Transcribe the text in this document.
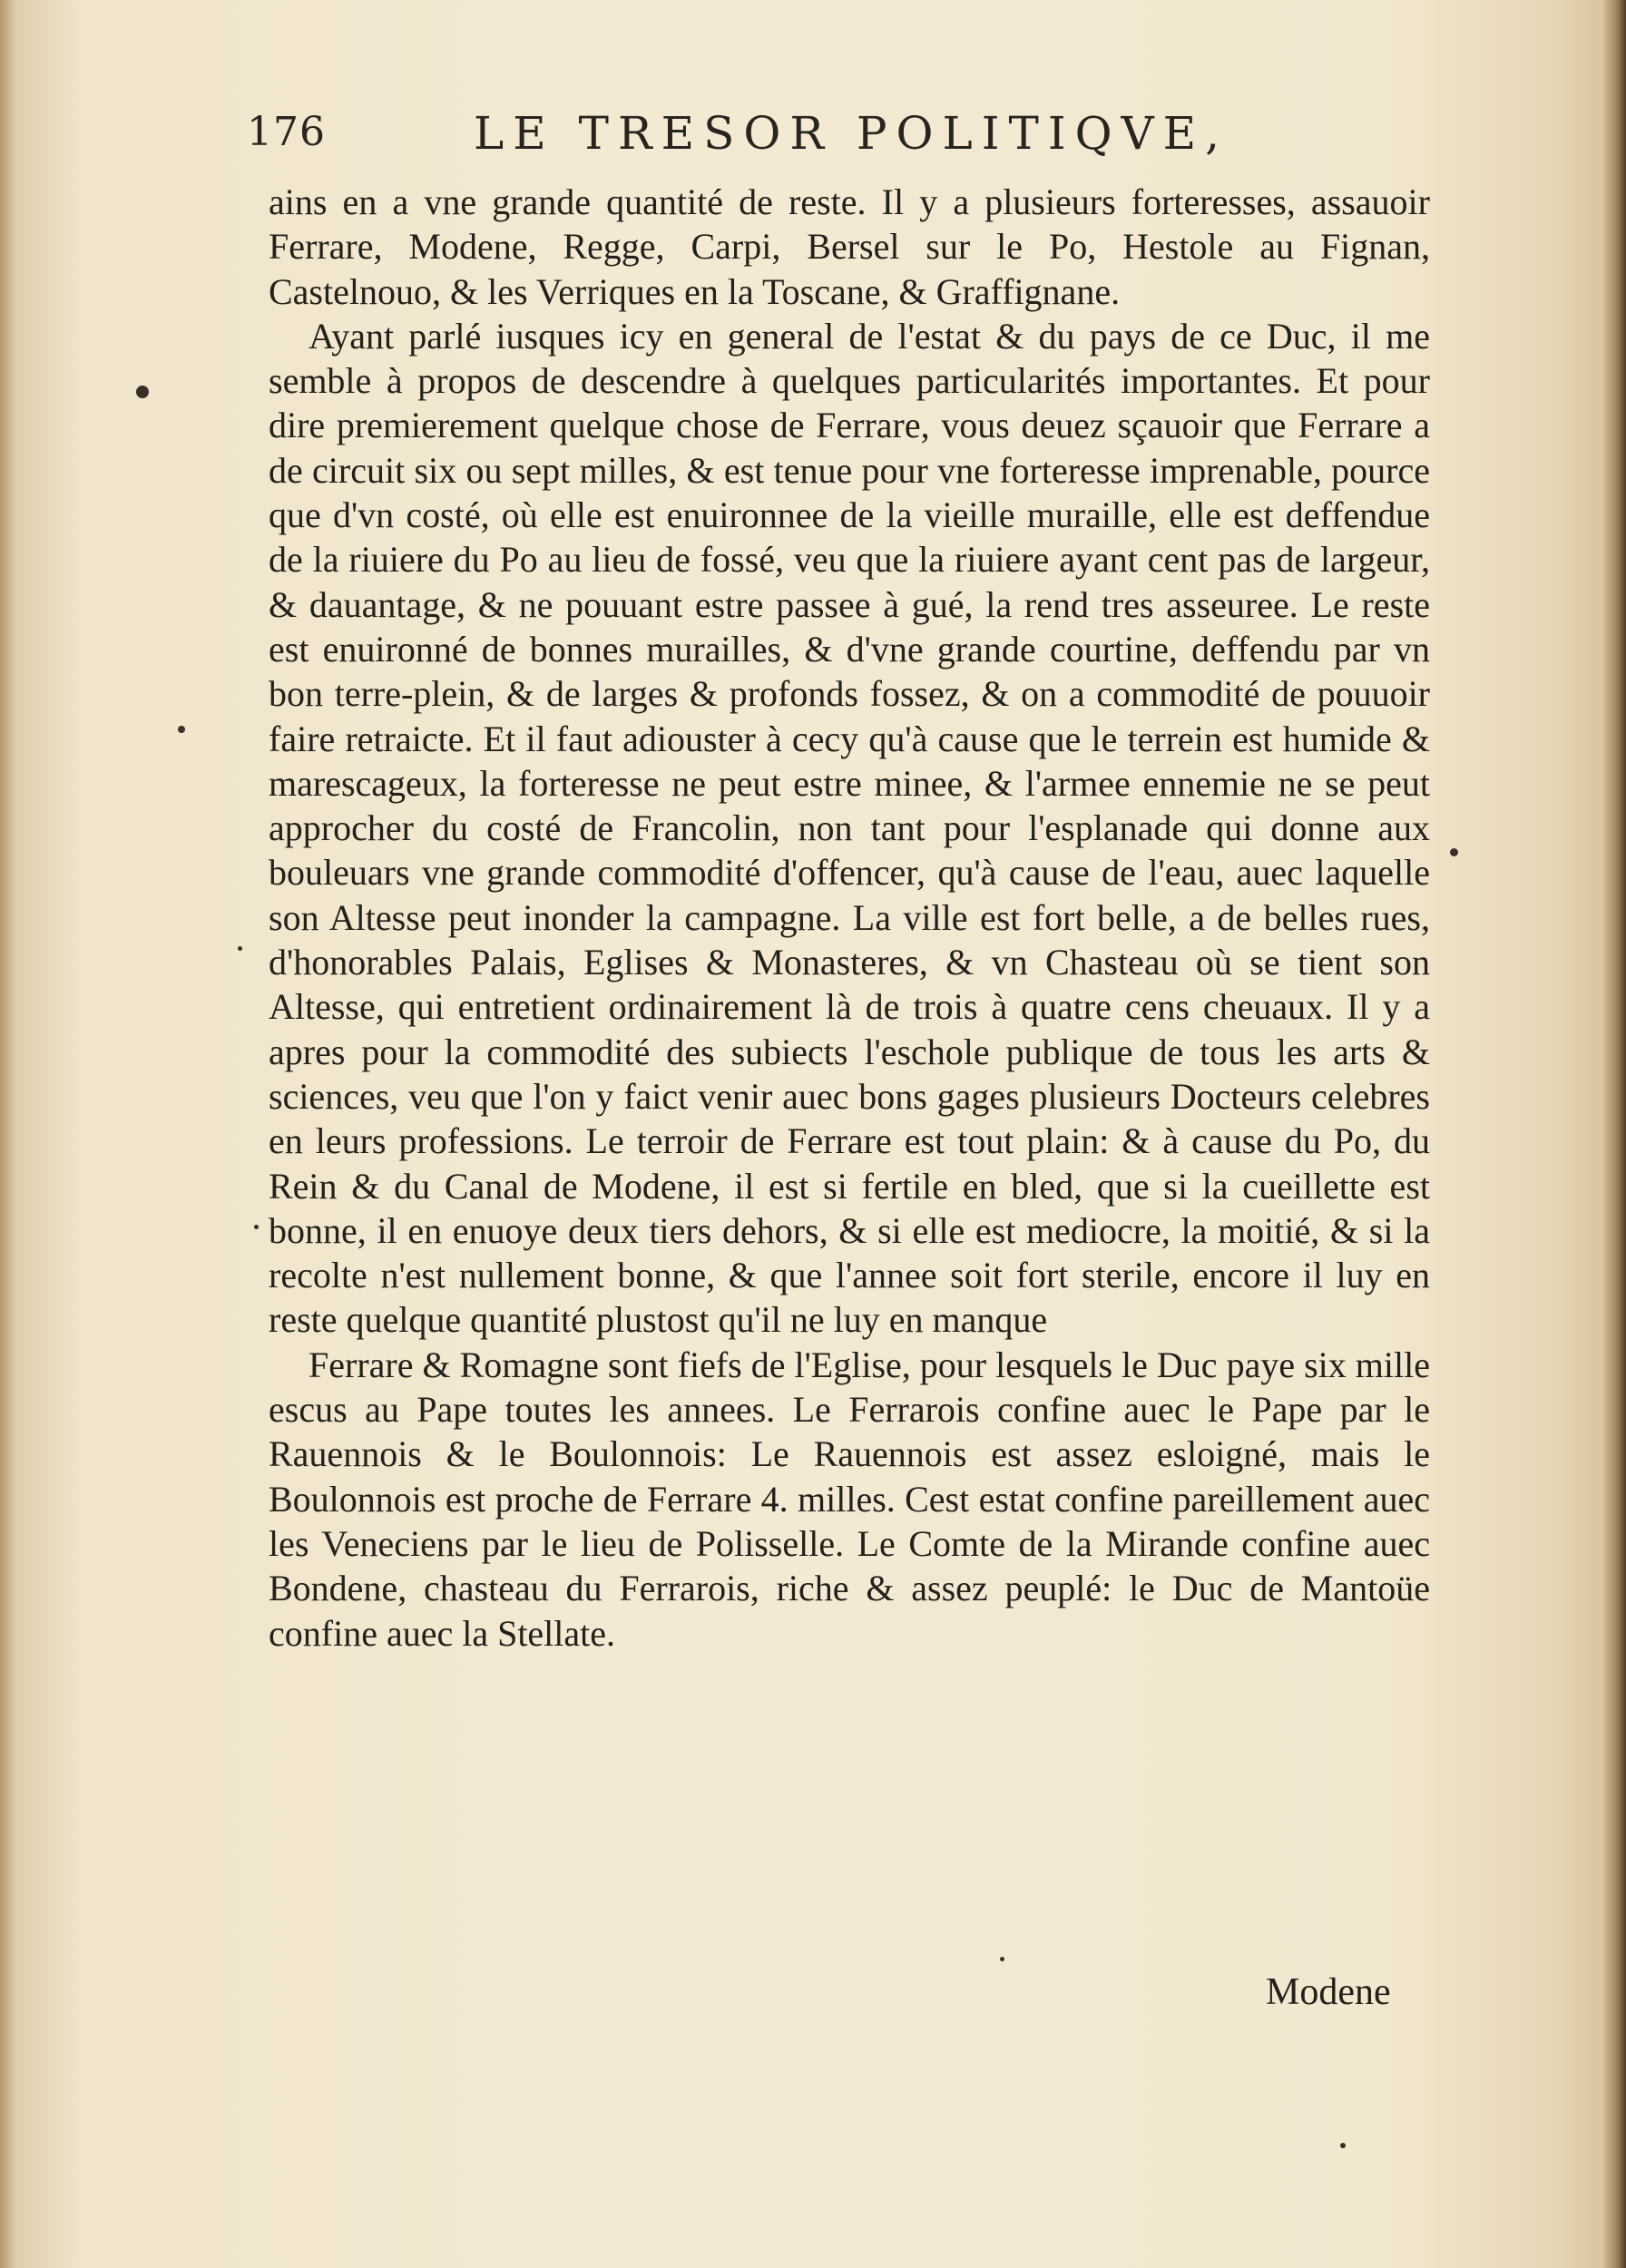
176	LE TRESOR POLITIQVE,

ains en a vne grande quantité de reste. Il y a plusieurs forteresses, assauoir Ferrare, Modene, Regge, Carpi, Bersel sur le Po, Hestole au Fignan, Castelnouo, & les Verriques en la Toscane, & Graffignane.

Ayant parlé iusques icy en general de l'estat & du pays de ce Duc, il me semble à propos de descendre à quelques particularités importantes. Et pour dire premierement quelque chose de Ferrare, vous deuez sçauoir que Ferrare a de circuit six ou sept milles, & est tenue pour vne forteresse imprenable, pource que d'vn costé, où elle est enuironnee de la vieille muraille, elle est deffendue de la riuiere du Po au lieu de fossé, veu que la riuiere ayant cent pas de largeur, & dauantage, & ne pouuant estre passee à gué, la rend tres asseuree. Le reste est enuironné de bonnes murailles, & d'vne grande courtine, deffendu par vn bon terre-plein, & de larges & profonds fossez, & on a commodité de pouuoir faire retraicte. Et il faut adiouster à cecy qu'à cause que le terrein est humide & marescageux, la forteresse ne peut estre minee, & l'armee ennemie ne se peut approcher du costé de Francolin, non tant pour l'esplanade qui donne aux bouleuars vne grande commodité d'offencer, qu'à cause de l'eau, auec laquelle son Altesse peut inonder la campagne. La ville est fort belle, a de belles rues, d'honorables Palais, Eglises & Monasteres, & vn Chasteau où se tient son Altesse, qui entretient ordinairement là de trois à quatre cens cheuaux. Il y a apres pour la commodité des subiects l'eschole publique de tous les arts & sciences, veu que l'on y faict venir auec bons gages plusieurs Docteurs celebres en leurs professions. Le terroir de Ferrare est tout plain: & à cause du Po, du Rein & du Canal de Modene, il est si fertile en bled, que si la cueillette est bonne, il en enuoye deux tiers dehors, & si elle est mediocre, la moitié, & si la recolte n'est nullement bonne, & que l'annee soit fort sterile, encore il luy en reste quelque quantité plustost qu'il ne luy en manque

Ferrare & Romagne sont fiefs de l'Eglise, pour lesquels le Duc paye six mille escus au Pape toutes les annees. Le Ferrarois confine auec le Pape par le Rauennois & le Boulonnois: Le Rauennois est assez esloigné, mais le Boulonnois est proche de Ferrare 4. milles. Cest estat confine pareillement auec les Veneciens par le lieu de Polisselle. Le Comte de la Mirande confine auec Bondene, chasteau du Ferrarois, riche & assez peuplé: le Duc de Mantoüe confine auec la Stellate.

Modene
